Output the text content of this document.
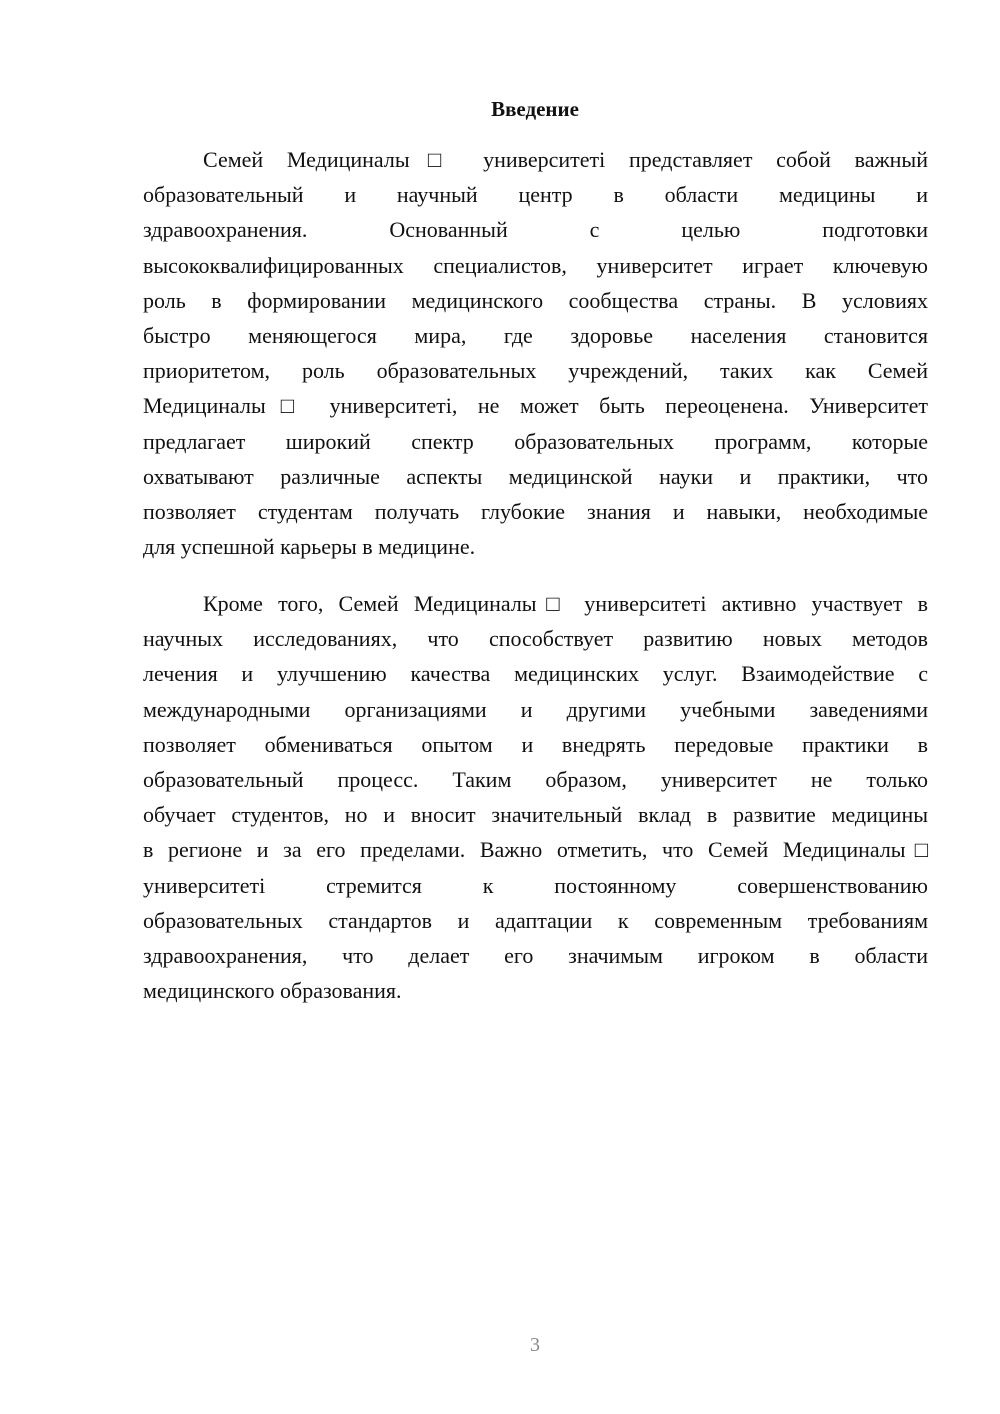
Введение
Семей Медициналы□ университеті представляет собой важный
образовательный и научный центр в области медицины и
здравоохранения. Основанный с целью подготовки
высококвалифицированных специалистов, университет играет ключевую
роль в формировании медицинского сообщества страны. В условиях
быстро меняющегося мира, где здоровье населения становится
приоритетом, роль образовательных учреждений, таких как Семей
Медициналы□ университеті, не может быть переоценена. Университет
предлагает широкий спектр образовательных программ, которые
охватывают различные аспекты медицинской науки и практики, что
позволяет студентам получать глубокие знания и навыки, необходимые
для успешной карьеры в медицине.
Кроме того, Семей Медициналы□ университеті активно участвует в
научных исследованиях, что способствует развитию новых методов
лечения и улучшению качества медицинских услуг. Взаимодействие с
международными организациями и другими учебными заведениями
позволяет обмениваться опытом и внедрять передовые практики в
образовательный процесс. Таким образом, университет не только
обучает студентов, но и вносит значительный вклад в развитие медицины
в регионе и за его пределами. Важно отметить, что Семей Медициналы□
университеті стремится к постоянному совершенствованию
образовательных стандартов и адаптации к современным требованиям
здравоохранения, что делает его значимым игроком в области
медицинского образования.
3
